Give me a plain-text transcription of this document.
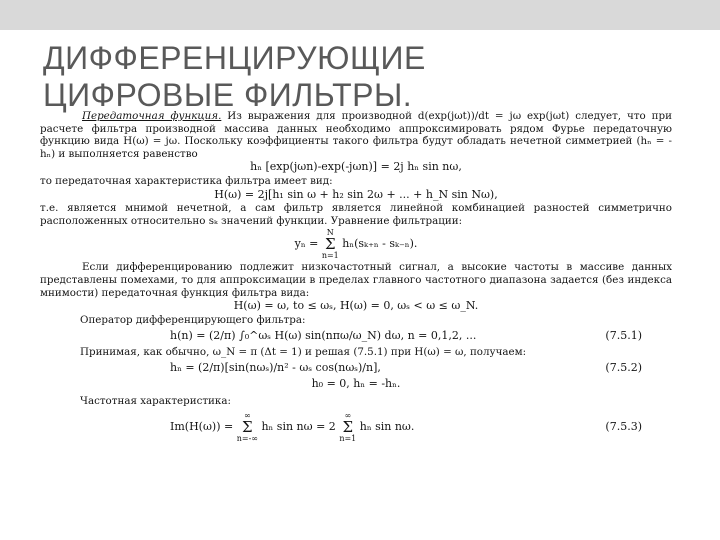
ДИФФЕРЕНЦИРУЮЩИЕ
ЦИФРОВЫЕ ФИЛЬТРЫ.

Передаточная функция. Из выражения для производной d(exp(jωt))/dt = jω exp(jωt) следует, что при расчете фильтра производной массива данных необходимо аппроксимировать рядом Фурье передаточную функцию вида H(ω) = jω. Поскольку коэффициенты такого фильтра будут обладать нечетной симметрией (hₙ = -hₙ) и выполняется равенство

hₙ [exp(jωn)-exp(-jωn)] = 2j hₙ sin nω,

то передаточная характеристика фильтра имеет вид:

H(ω) = 2j[h₁ sin ω + h₂ sin 2ω + ... + h_N sin Nω),

т.е. является мнимой нечетной, а сам фильтр является линейной комбинацией разностей симметрично расположенных относительно sₖ значений функции. Уравнение фильтрации:

yₙ = N
Σ
n=1 hₙ(sₖ₊ₙ - sₖ₋ₙ).

Если дифференцированию подлежит низкочастотный сигнал, а высокие частоты в массиве данных представлены помехами, то для аппроксимации в пределах главного частотного диапазона задается (без индекса мнимости) передаточная функция фильтра вида:

H(ω) = ω, to ≤ ωₛ, H(ω) = 0, ωₛ < ω ≤ ω_N.

Оператор дифференцирующего фильтра:

h(n) = (2/π) ∫₀^ωₛ H(ω) sin(nπω/ω_N) dω, n = 0,1,2, ...	(7.5.1)

Принимая, как обычно, ω_N = π (Δt = 1) и решая (7.5.1) при H(ω) = ω, получаем:

hₙ = (2/π)[sin(nωₛ)/n² - ωₛ cos(nωₛ)/n],	(7.5.2)
h₀ = 0, hₙ = -hₙ.

Частотная характеристика:

Im(H(ω)) = ∞
Σ
n=-∞ hₙ sin nω = 2 ∞
Σ
n=1 hₙ sin nω.	(7.5.3)
